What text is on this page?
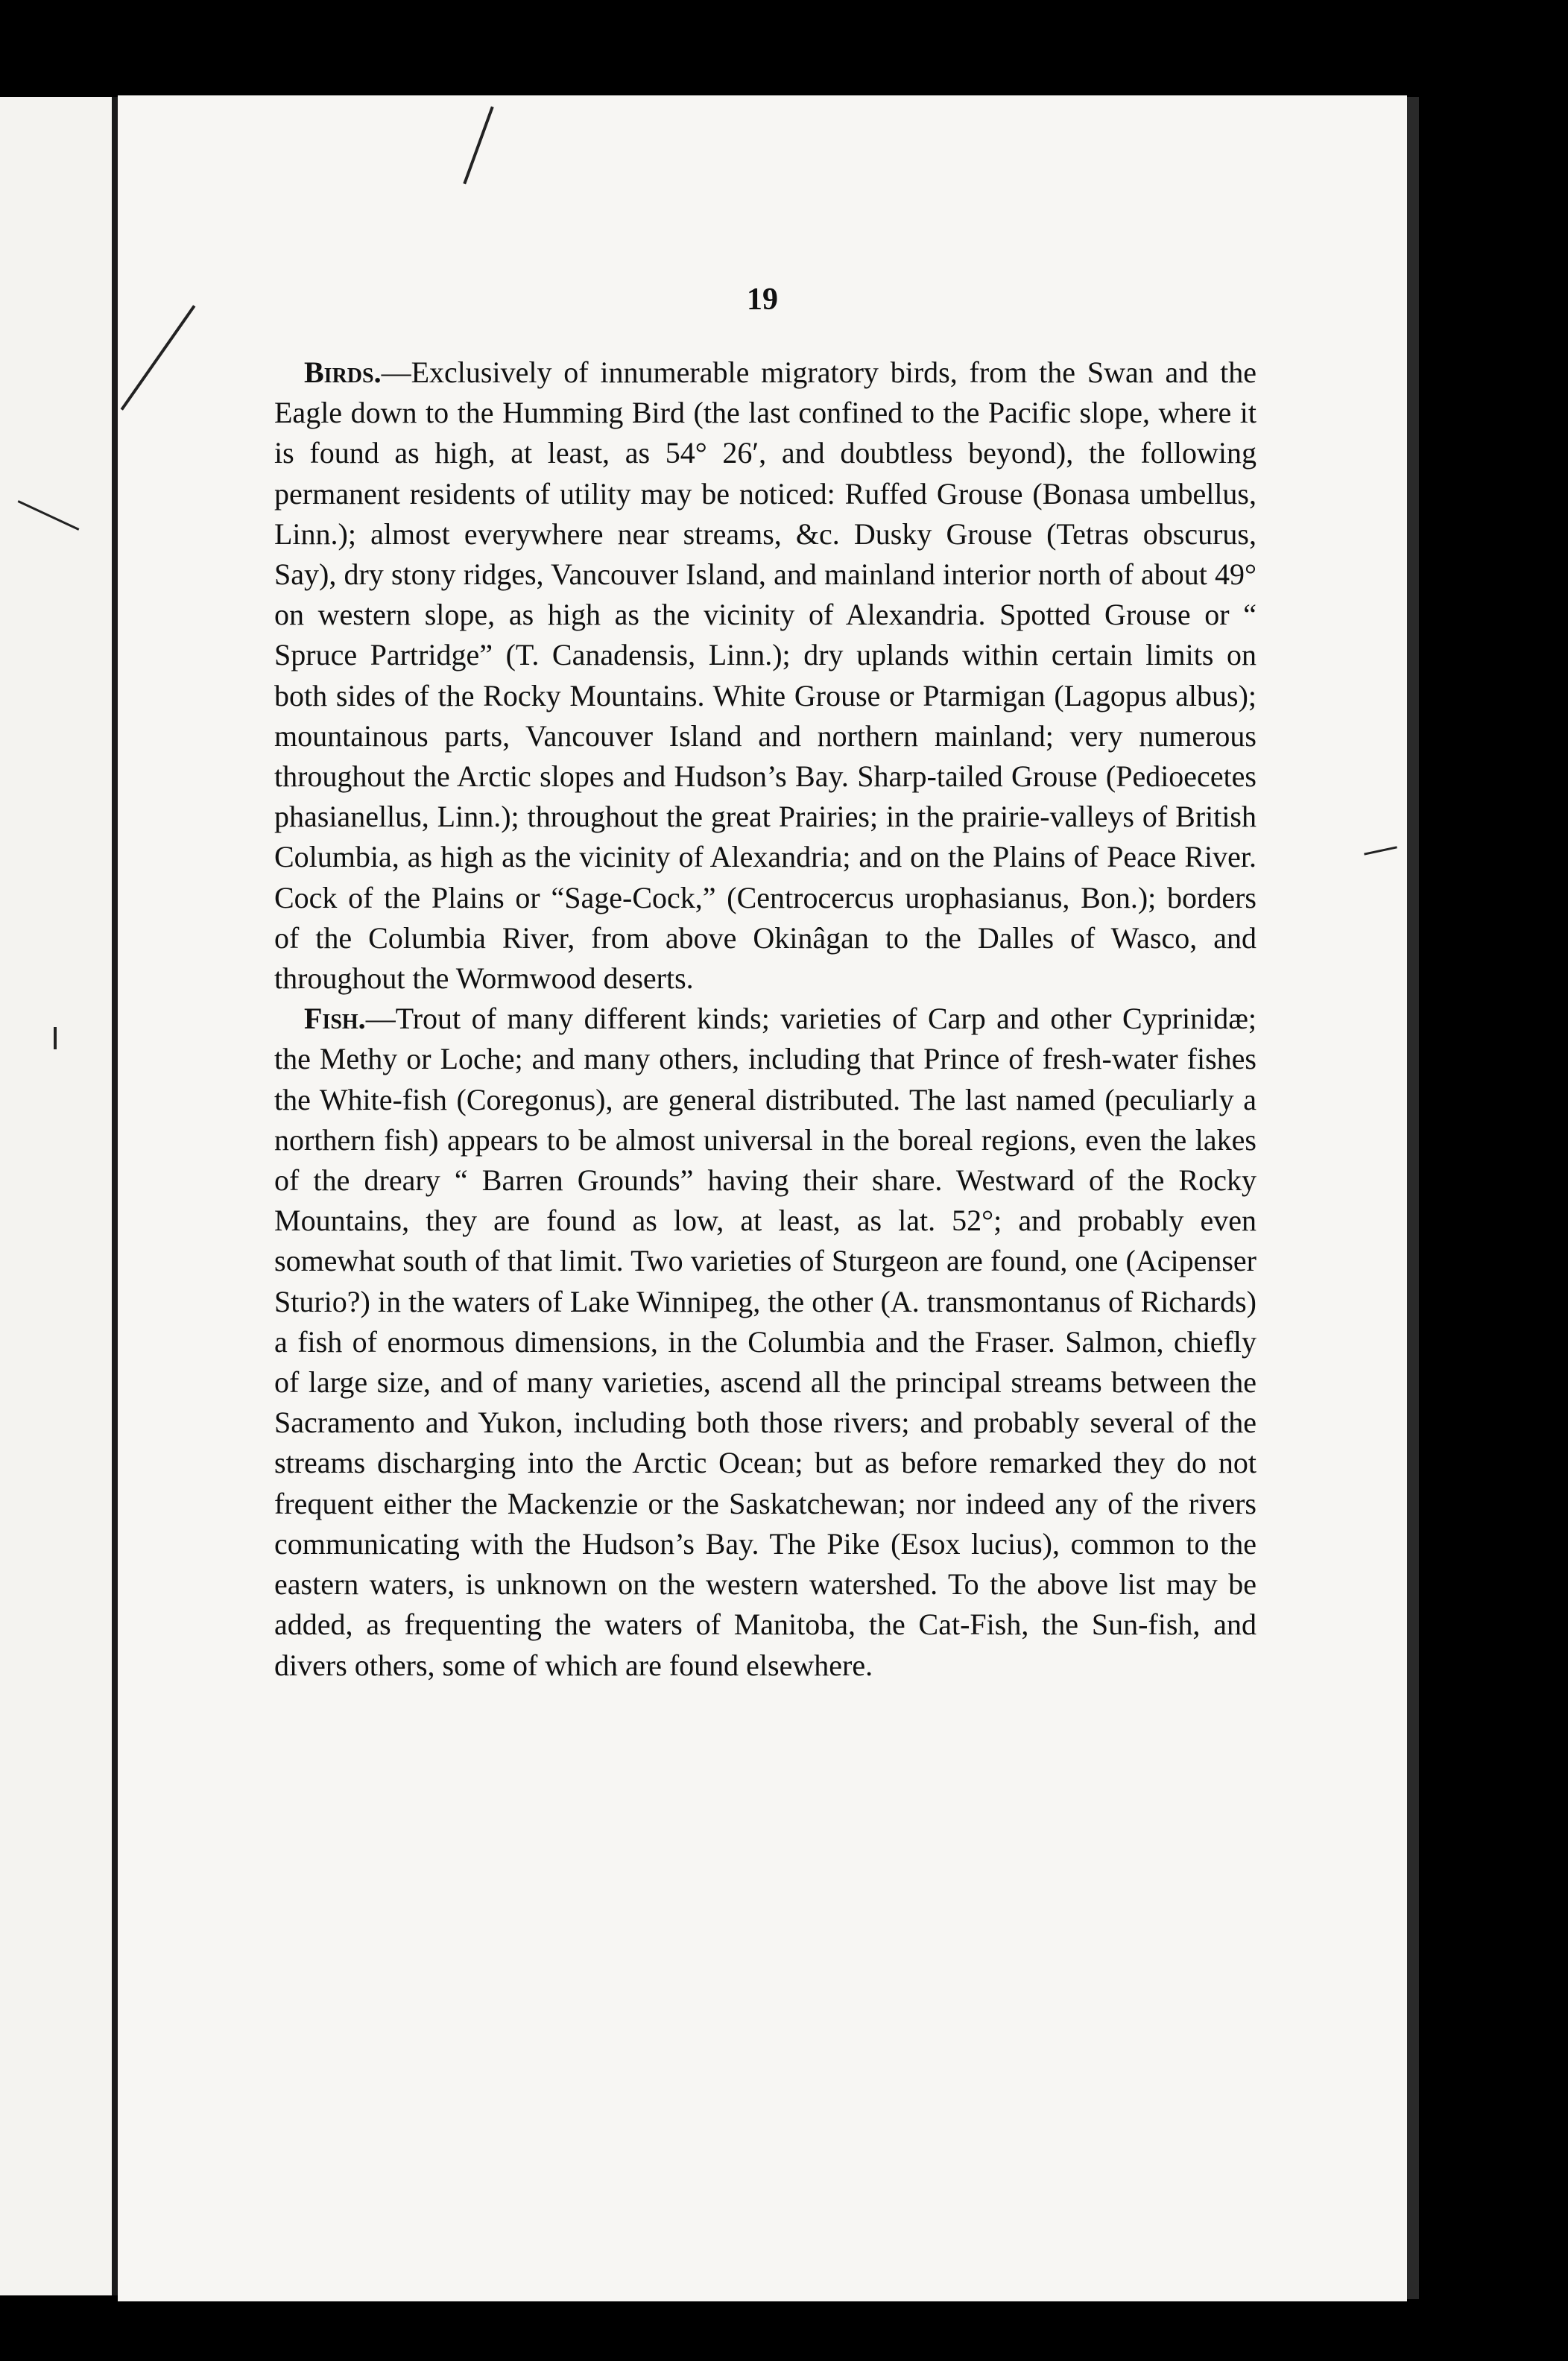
19

Birds.—Exclusively of innumerable migratory birds, from the Swan and the Eagle down to the Humming Bird (the last confined to the Pacific slope, where it is found as high, at least, as 54° 26′, and doubtless beyond), the following permanent residents of utility may be noticed: Ruffed Grouse (Bonasa umbellus, Linn.); almost everywhere near streams, &c. Dusky Grouse (Tetras obscurus, Say), dry stony ridges, Vancouver Island, and mainland interior north of about 49° on western slope, as high as the vicinity of Alexandria. Spotted Grouse or “ Spruce Partridge” (T. Canadensis, Linn.); dry uplands within certain limits on both sides of the Rocky Mountains. White Grouse or Ptarmigan (Lagopus albus); mountainous parts, Vancouver Island and northern mainland; very numerous throughout the Arctic slopes and Hudson’s Bay. Sharp-tailed Grouse (Pedioecetes phasianellus, Linn.); throughout the great Prairies; in the prairie-valleys of British Columbia, as high as the vicinity of Alexandria; and on the Plains of Peace River. Cock of the Plains or “Sage-Cock,” (Centrocercus urophasianus, Bon.); borders of the Columbia River, from above Okinâgan to the Dalles of Wasco, and throughout the Wormwood deserts.

Fish.—Trout of many different kinds; varieties of Carp and other Cyprinidæ; the Methy or Loche; and many others, including that Prince of fresh-water fishes the White-fish (Coregonus), are general distributed. The last named (peculiarly a northern fish) appears to be almost universal in the boreal regions, even the lakes of the dreary “ Barren Grounds” having their share. Westward of the Rocky Mountains, they are found as low, at least, as lat. 52°; and probably even somewhat south of that limit. Two varieties of Sturgeon are found, one (Acipenser Sturio?) in the waters of Lake Winnipeg, the other (A. transmontanus of Richards) a fish of enormous dimensions, in the Columbia and the Fraser. Salmon, chiefly of large size, and of many varieties, ascend all the principal streams between the Sacramento and Yukon, including both those rivers; and probably several of the streams discharging into the Arctic Ocean; but as before remarked they do not frequent either the Mackenzie or the Saskatchewan; nor indeed any of the rivers communicating with the Hudson’s Bay. The Pike (Esox lucius), common to the eastern waters, is unknown on the western watershed. To the above list may be added, as frequenting the waters of Manitoba, the Cat-Fish, the Sun-fish, and divers others, some of which are found elsewhere.
